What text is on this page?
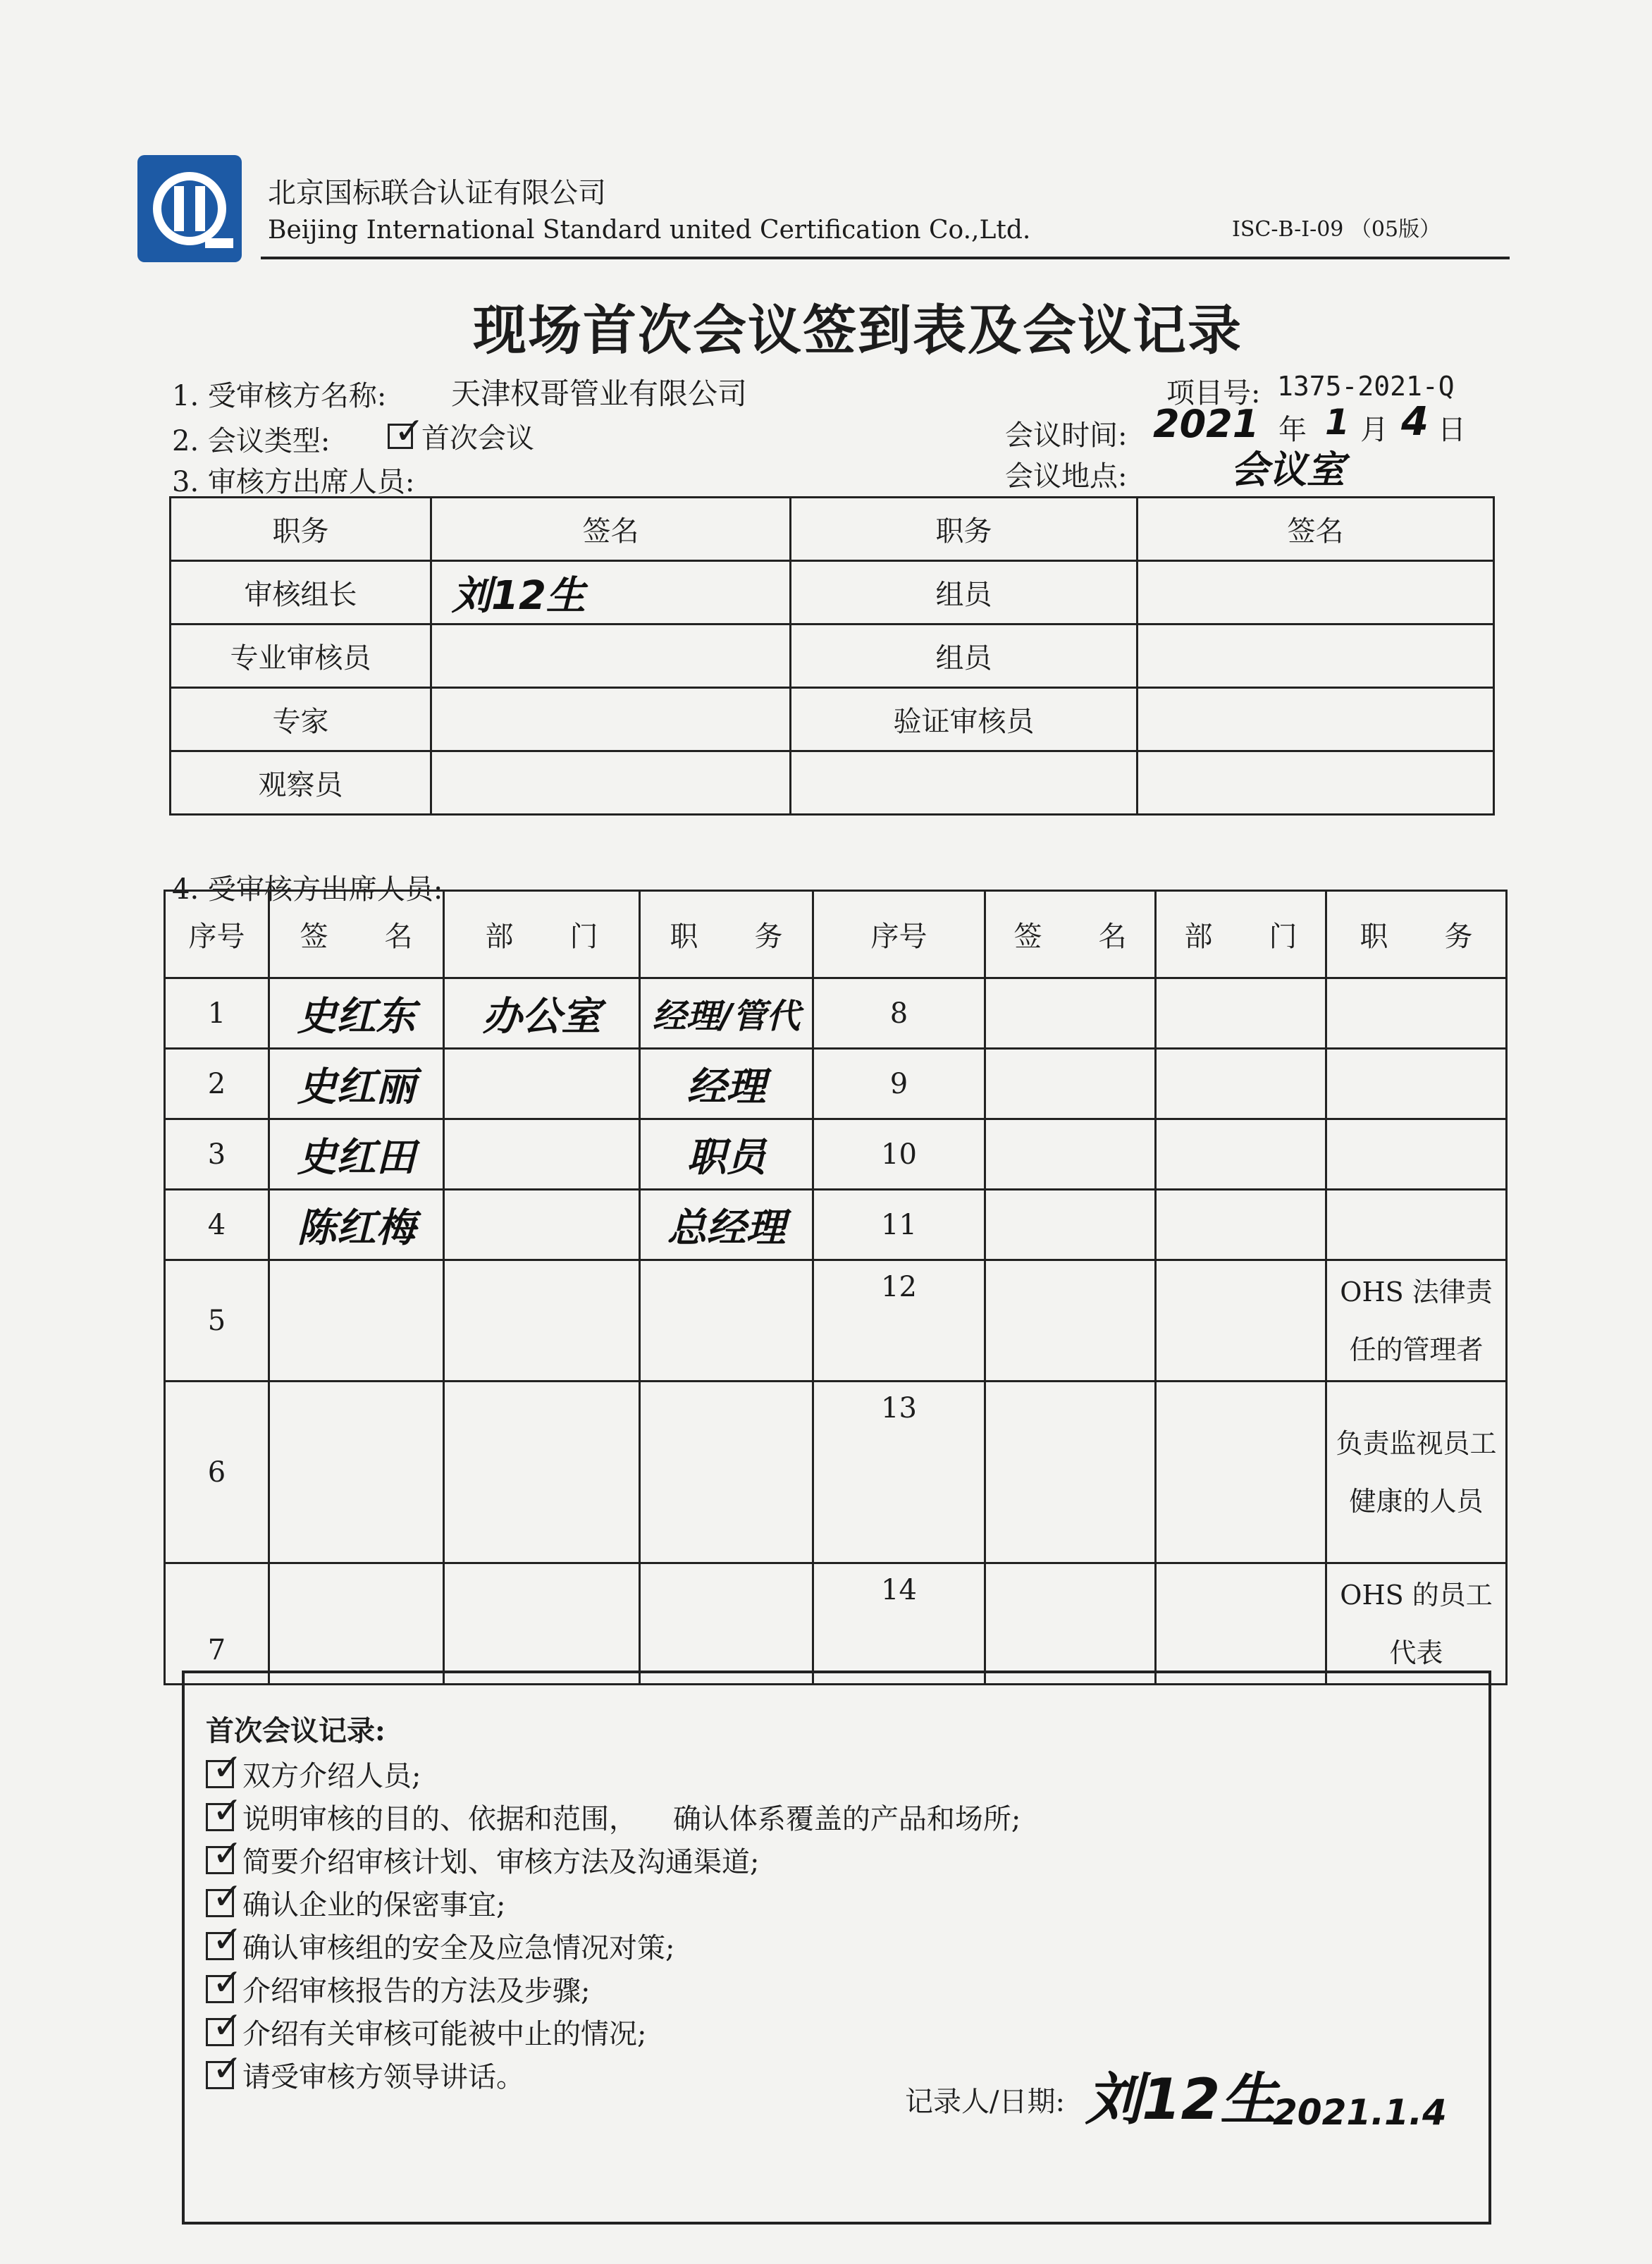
北京国标联合认证有限公司
Beijing International Standard united Certification Co.,Ltd.	ISC-B-I-09 （05版）
现场首次会议签到表及会议记录
1. 受审核方名称: 天津权哥管业有限公司	项目号: 1375-2021-Q
2. 会议类型: ✓	首次会议	会议时间: 2021 年 1 月 4 日
3. 审核方出席人员:	会议地点:	会议室
职务	签名	职务	签名
审核组长	刘12生	组员	
专业审核员		组员	
专家		验证审核员	
观察员			
4. 受审核方出席人员:
序号	签　　名	部　　门	职　　务	序号	签　　名	部　　门	职　　务
1	史红东	办公室	经理/管代	8			
2	史红丽		经理	9			
3	史红田		职员	10			
4	陈红梅		总经理	11			
5				12			OHS 法律责任的管理者
6				13			负责监视员工健康的人员
7				14			OHS 的员工代表
首次会议记录:
✓
双方介绍人员;
✓
说明审核的目的、依据和范围，    确认体系覆盖的产品和场所;
✓
简要介绍审核计划、审核方法及沟通渠道;
✓
确认企业的保密事宜;
✓
确认审核组的安全及应急情况对策;
✓
介绍审核报告的方法及步骤;
✓
介绍有关审核可能被中止的情况;
✓
请受审核方领导讲话。
记录人/日期: 刘12生
2021.1.4
